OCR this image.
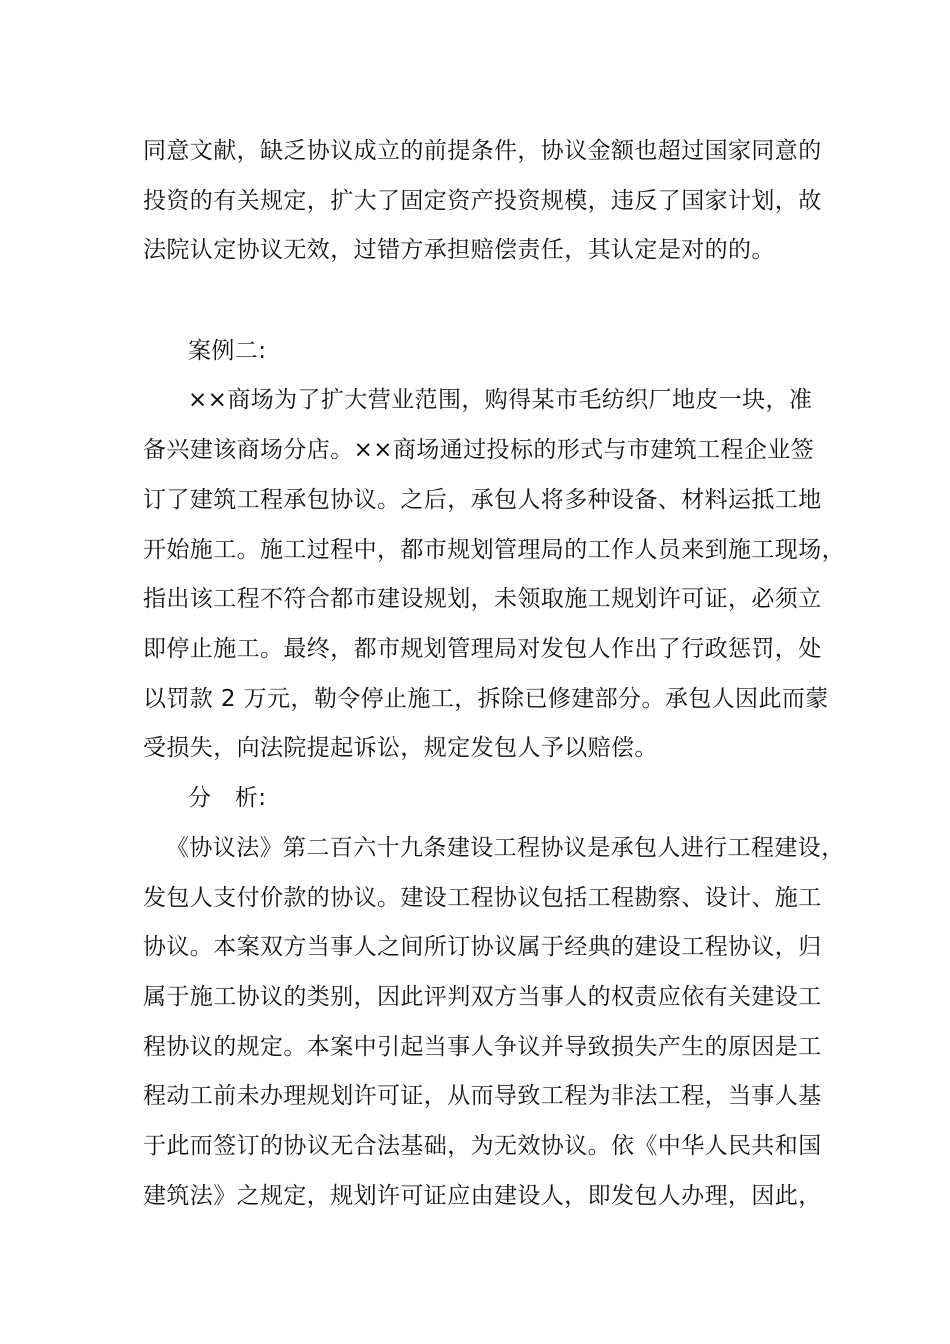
同意文献，缺乏协议成立的前提条件，协议金额也超过国家同意的
投资的有关规定，扩大了固定资产投资规模，违反了国家计划，故
法院认定协议无效，过错方承担赔偿责任，其认定是对的的。
案例二:
××商场为了扩大营业范围，购得某市毛纺织厂地皮一块，准
备兴建该商场分店。××商场通过投标的形式与市建筑工程企业签
订了建筑工程承包协议。之后，承包人将多种设备、材料运抵工地
开始施工。施工过程中，都市规划管理局的工作人员来到施工现场，
指出该工程不符合都市建设规划，未领取施工规划许可证，必须立
即停止施工。最终，都市规划管理局对发包人作出了行政惩罚，处
以罚款 2 万元，勒令停止施工，拆除已修建部分。承包人因此而蒙
受损失，向法院提起诉讼，规定发包人予以赔偿。
分　析:
《协议法》第二百六十九条建设工程协议是承包人进行工程建设，
发包人支付价款的协议。建设工程协议包括工程勘察、设计、施工
协议。本案双方当事人之间所订协议属于经典的建设工程协议，归
属于施工协议的类别，因此评判双方当事人的权责应依有关建设工
程协议的规定。本案中引起当事人争议并导致损失产生的原因是工
程动工前未办理规划许可证，从而导致工程为非法工程，当事人基
于此而签订的协议无合法基础，为无效协议。依《中华人民共和国
建筑法》之规定，规划许可证应由建设人，即发包人办理，因此，
